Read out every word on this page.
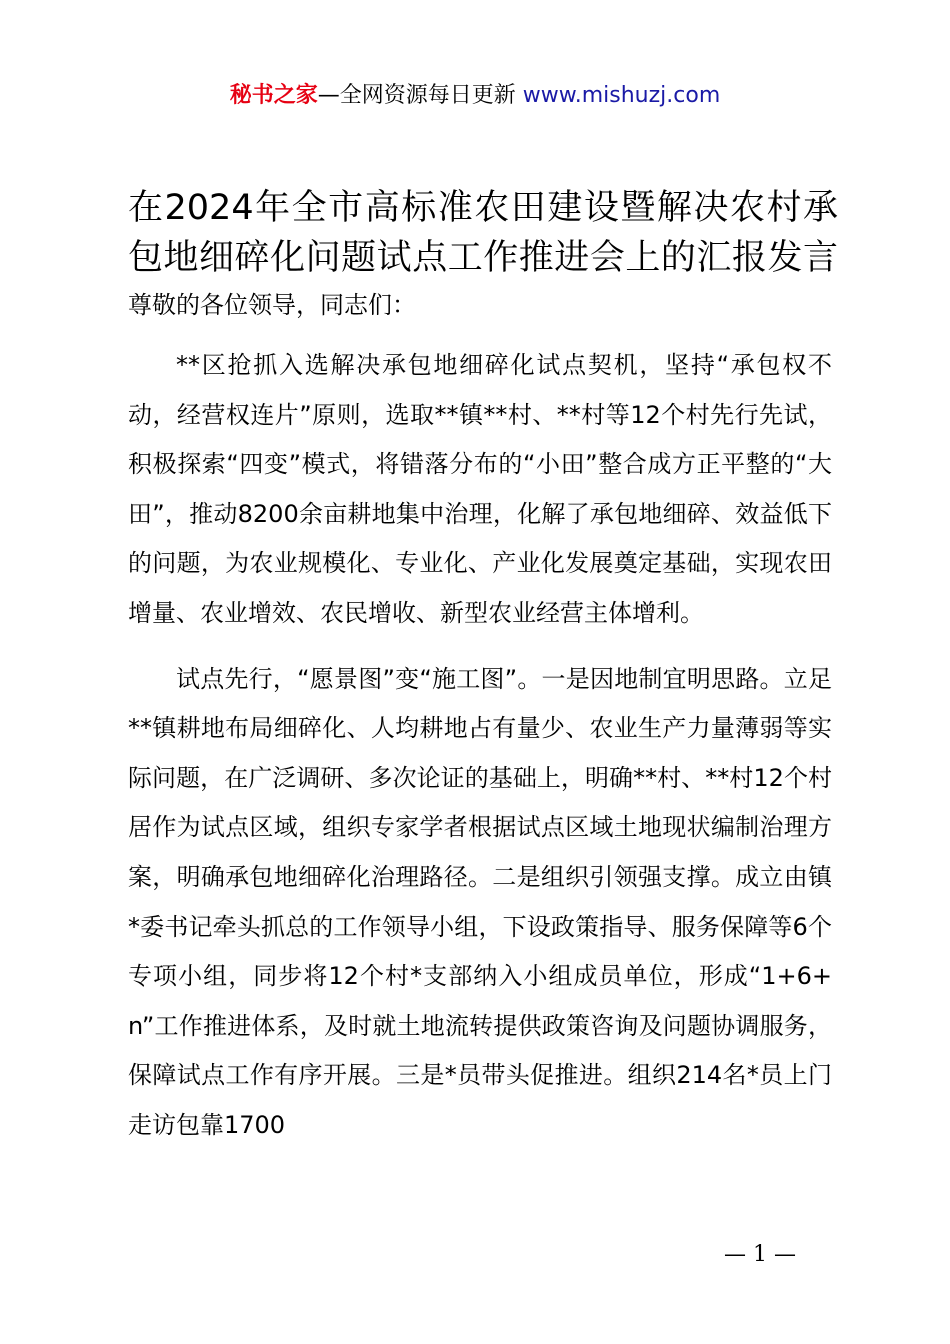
秘书之家—全网资源每日更新 www.mishuzj.com
在2024年全市高标准农田建设暨解决农村承
包地细碎化问题试点工作推进会上的汇报发言

尊敬的各位领导，同志们：

**区抢抓入选解决承包地细碎化试点契机，坚持“承包权不动，经营权连片”原则，选取**镇**村、**村等12个村先行先试，积极探索“四变”模式，将错落分布的“小田”整合成方正平整的“大田”，推动8200余亩耕地集中治理，化解了承包地细碎、效益低下的问题，为农业规模化、专业化、产业化发展奠定基础，实现农田增量、农业增效、农民增收、新型农业经营主体增利。

试点先行，“愿景图”变“施工图”。一是因地制宜明思路。立足**镇耕地布局细碎化、人均耕地占有量少、农业生产力量薄弱等实际问题，在广泛调研、多次论证的基础上，明确**村、**村12个村居作为试点区域，组织专家学者根据试点区域土地现状编制治理方案，明确承包地细碎化治理路径。二是组织引领强支撑。成立由镇*委书记牵头抓总的工作领导小组，下设政策指导、服务保障等6个专项小组，同步将12个村*支部纳入小组成员单位，形成“1+6+n”工作推进体系，及时就土地流转提供政策咨询及问题协调服务，保障试点工作有序开展。三是*员带头促推进。组织214名*员上门走访包靠1700

— 1 —
